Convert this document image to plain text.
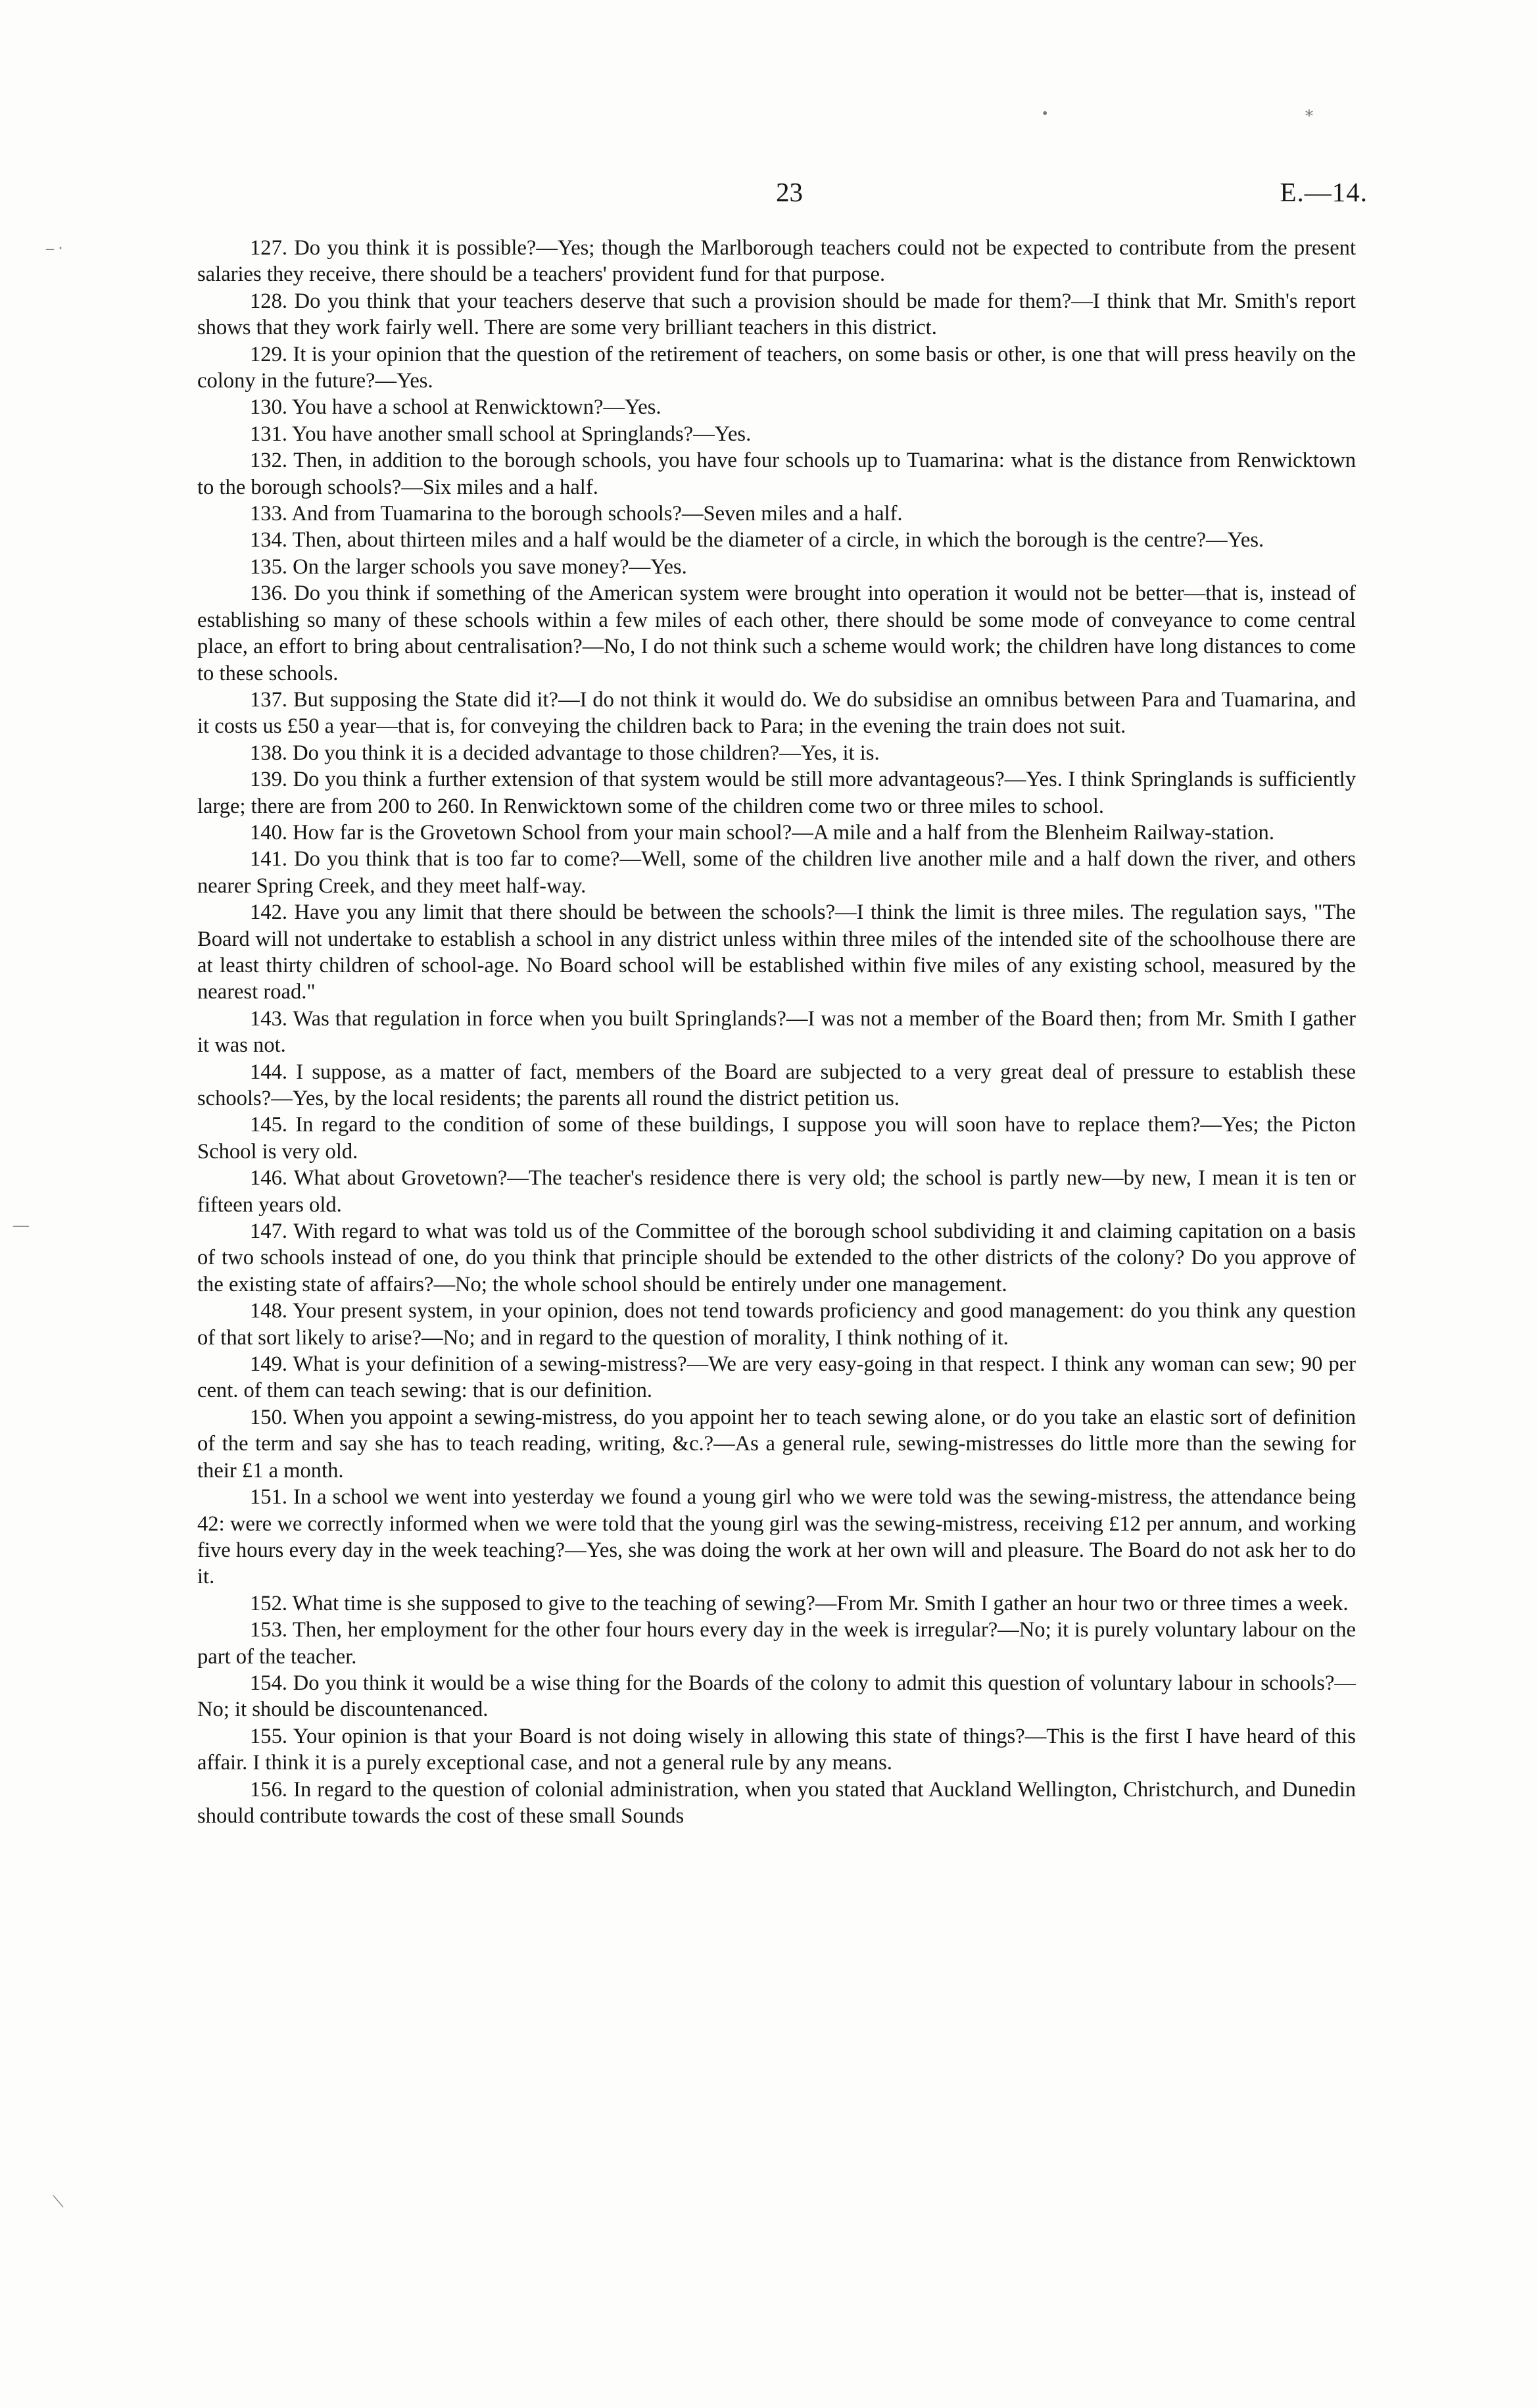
23	E.—14.
•	⁎
– ·
—
⟍

127. Do you think it is possible?—Yes; though the Marlborough teachers could not be expected to contribute from the present salaries they receive, there should be a teachers' provident fund for that purpose.

128. Do you think that your teachers deserve that such a provision should be made for them?—I think that Mr. Smith's report shows that they work fairly well. There are some very brilliant teachers in this district.

129. It is your opinion that the question of the retirement of teachers, on some basis or other, is one that will press heavily on the colony in the future?—Yes.

130. You have a school at Renwicktown?—Yes.

131. You have another small school at Springlands?—Yes.

132. Then, in addition to the borough schools, you have four schools up to Tuamarina: what is the distance from Renwicktown to the borough schools?—Six miles and a half.

133. And from Tuamarina to the borough schools?—Seven miles and a half.

134. Then, about thirteen miles and a half would be the diameter of a circle, in which the borough is the centre?—Yes.

135. On the larger schools you save money?—Yes.

136. Do you think if something of the American system were brought into operation it would not be better—that is, instead of establishing so many of these schools within a few miles of each other, there should be some mode of conveyance to come central place, an effort to bring about centralisation?—No, I do not think such a scheme would work; the children have long distances to come to these schools.

137. But supposing the State did it?—I do not think it would do. We do subsidise an omnibus between Para and Tuamarina, and it costs us £50 a year—that is, for conveying the children back to Para; in the evening the train does not suit.

138. Do you think it is a decided advantage to those children?—Yes, it is.

139. Do you think a further extension of that system would be still more advantageous?—Yes. I think Springlands is sufficiently large; there are from 200 to 260. In Renwicktown some of the children come two or three miles to school.

140. How far is the Grovetown School from your main school?—A mile and a half from the Blenheim Railway-station.

141. Do you think that is too far to come?—Well, some of the children live another mile and a half down the river, and others nearer Spring Creek, and they meet half-way.

142. Have you any limit that there should be between the schools?—I think the limit is three miles. The regulation says, "The Board will not undertake to establish a school in any district unless within three miles of the intended site of the schoolhouse there are at least thirty children of school-age. No Board school will be established within five miles of any existing school, measured by the nearest road."

143. Was that regulation in force when you built Springlands?—I was not a member of the Board then; from Mr. Smith I gather it was not.

144. I suppose, as a matter of fact, members of the Board are subjected to a very great deal of pressure to establish these schools?—Yes, by the local residents; the parents all round the district petition us.

145. In regard to the condition of some of these buildings, I suppose you will soon have to replace them?—Yes; the Picton School is very old.

146. What about Grovetown?—The teacher's residence there is very old; the school is partly new—by new, I mean it is ten or fifteen years old.

147. With regard to what was told us of the Committee of the borough school subdividing it and claiming capitation on a basis of two schools instead of one, do you think that principle should be extended to the other districts of the colony? Do you approve of the existing state of affairs?—No; the whole school should be entirely under one management.

148. Your present system, in your opinion, does not tend towards proficiency and good management: do you think any question of that sort likely to arise?—No; and in regard to the question of morality, I think nothing of it.

149. What is your definition of a sewing-mistress?—We are very easy-going in that respect. I think any woman can sew; 90 per cent. of them can teach sewing: that is our definition.

150. When you appoint a sewing-mistress, do you appoint her to teach sewing alone, or do you take an elastic sort of definition of the term and say she has to teach reading, writing, &c.?—As a general rule, sewing-mistresses do little more than the sewing for their £1 a month.

151. In a school we went into yesterday we found a young girl who we were told was the sewing-mistress, the attendance being 42: were we correctly informed when we were told that the young girl was the sewing-mistress, receiving £12 per annum, and working five hours every day in the week teaching?—Yes, she was doing the work at her own will and pleasure. The Board do not ask her to do it.

152. What time is she supposed to give to the teaching of sewing?—From Mr. Smith I gather an hour two or three times a week.

153. Then, her employment for the other four hours every day in the week is irregular?—No; it is purely voluntary labour on the part of the teacher.

154. Do you think it would be a wise thing for the Boards of the colony to admit this question of voluntary labour in schools?—No; it should be discountenanced.

155. Your opinion is that your Board is not doing wisely in allowing this state of things?—This is the first I have heard of this affair. I think it is a purely exceptional case, and not a general rule by any means.

156. In regard to the question of colonial administration, when you stated that Auckland Wellington, Christchurch, and Dunedin should contribute towards the cost of these small Sounds
